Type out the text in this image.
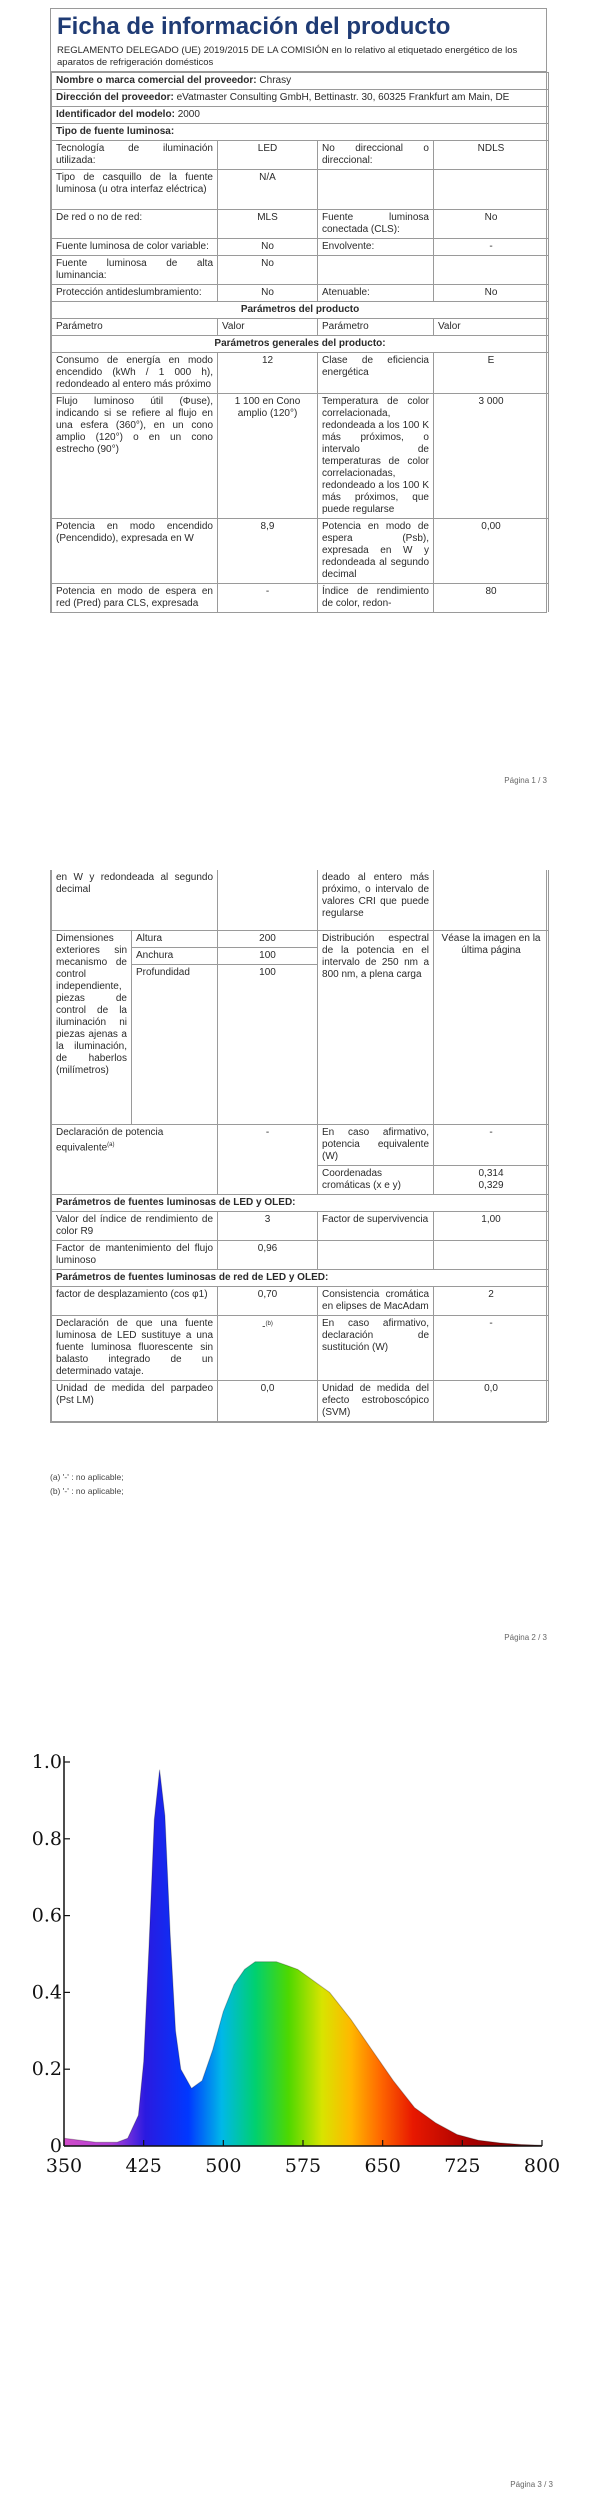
Ficha de información del producto
REGLAMENTO DELEGADO (UE) 2019/2015 DE LA COMISIÓN en lo relativo al etiquetado energético de los aparatos de refrigeración domésticos
Nombre o marca comercial del proveedor: Chrasy			
Dirección del proveedor: eVatmaster Consulting GmbH, Bettinastr. 30, 60325 Frankfurt am Main, DE			
Identificador del modelo: 2000			
Tipo de fuente luminosa:			
Tecnología de iluminación utilizada:	LED	No direccional o direccional:	NDLS
Tipo de casquillo de la fuente luminosa (u otra interfaz eléctrica)	N/A		
De red o no de red:	MLS	Fuente luminosa conectada (CLS):	No
Fuente luminosa de color variable:	No	Envolvente:	-
Fuente luminosa de alta luminancia:	No		
Protección antideslumbramiento:	No	Atenuable:	No
Parámetros del producto			
Parámetro	Valor	Parámetro	Valor
Parámetros generales del producto:			
Consumo de energía en modo encendido (kWh / 1 000 h), redondeado al entero más próximo	12	Clase de eficiencia energética	E
Flujo luminoso útil (Φuse), indicando si se refiere al flujo en una esfera (360°), en un cono amplio (120°) o en un cono estrecho (90°)	1 100 en Cono amplio (120°)	Temperatura de color correlacionada, redondeada a los 100 K más próximos, o intervalo de temperaturas de color correlacionadas, redondeado a los 100 K más próximos, que puede regularse	3 000
Potencia en modo encendido (Pencendido), expresada en W	8,9	Potencia en modo de espera (Psb), expresada en W y redondeada al segundo decimal	0,00
Potencia en modo de espera en red (Pred) para CLS, expresada	-	Índice de rendimiento de color, redon-	80
Página 1 / 3
en W y redondeada al segundo decimal			deado al entero más próximo, o intervalo de valores CRI que puede regularse	
Dimensiones exteriores sin mecanismo de control independiente, piezas de control de la iluminación ni piezas ajenas a la iluminación, de haberlos (milímetros)	Altura	200	Distribución espectral de la potencia en el intervalo de 250 nm a 800 nm, a plena carga	Véase la imagen en la última página
	Anchura	100		
	Profundidad	100		
Declaración de potencia equivalente$^{(a)}$		-	En caso afirmativo, potencia equivalente (W)	-
			Coordenadas cromáticas (x e y)	0,314
0,329

Parámetros de fuentes luminosas de LED y OLED:				
Valor del índice de rendimiento de color R9		3	Factor de supervivencia	1,00
Factor de mantenimiento del flujo luminoso		0,96		
Parámetros de fuentes luminosas de red de LED y OLED:				
factor de desplazamiento (cos φ1)		0,70	Consistencia cromática en elipses de MacAdam	2
Declaración de que una fuente luminosa de LED sustituye a una fuente luminosa fluorescente sin balasto integrado de un determinado vataje.		-$^{(b)}$	En caso afirmativo, declaración de sustitución (W)	-
Unidad de medida del parpadeo (Pst LM)		0,0	Unidad de medida del efecto estroboscópico (SVM)	0,0
(a) '-' : no aplicable;
(b) '-' : no aplicable;
Página 2 / 3
0
0.2
0.4
0.6
0.8
1.0
350 425 500 575 650 725 800
Página 3 / 3
